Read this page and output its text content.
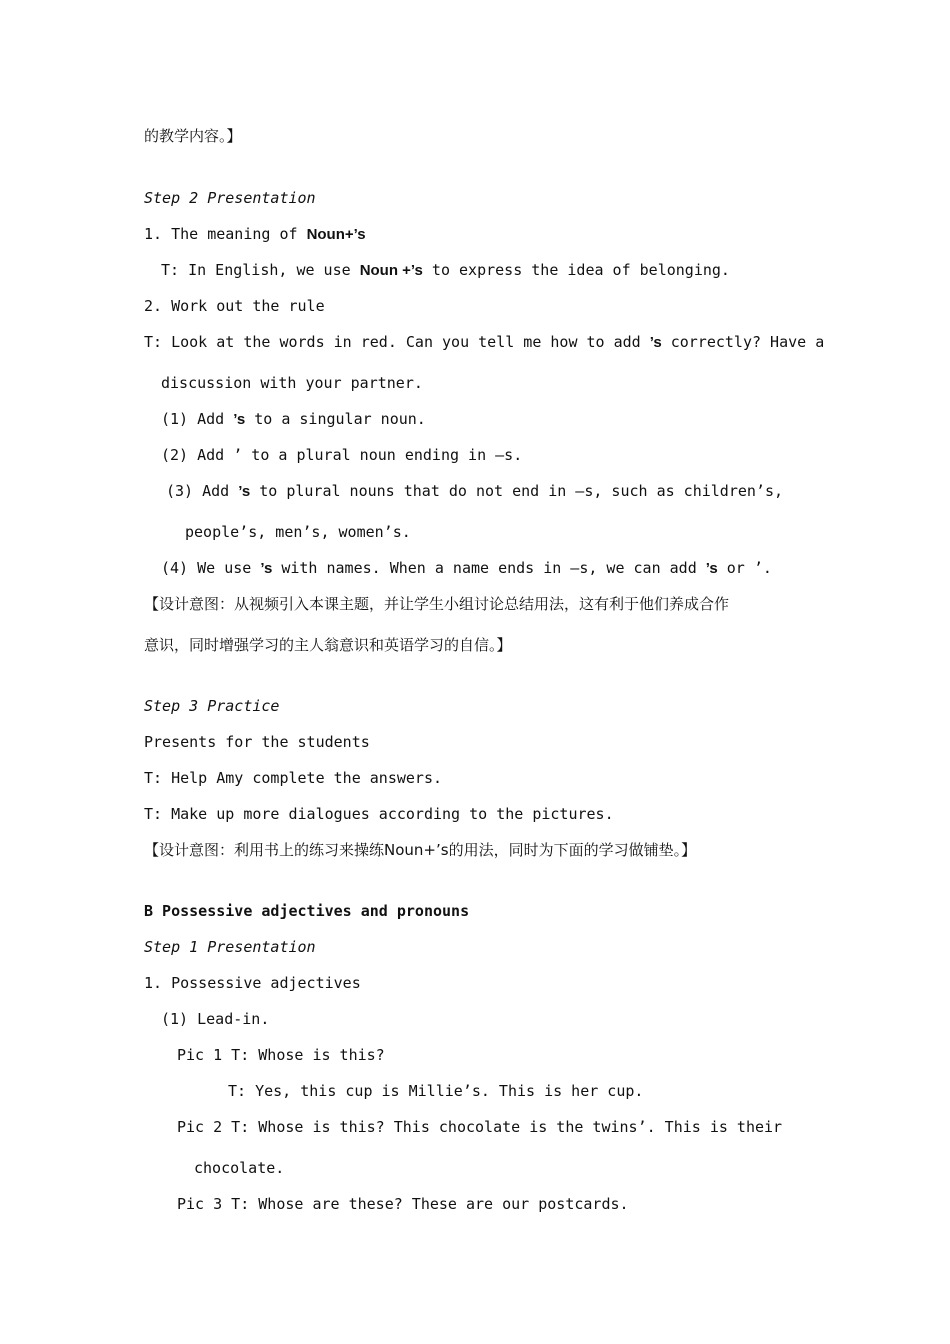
的教学内容。】
Step 2 Presentation
1. The meaning of Noun+’s
T: In English, we use Noun +’s to express the idea of belonging.
2. Work out the rule
T: Look at the words in red. Can you tell me how to add ’s correctly? Have a
discussion with your partner.
(1) Add ’s to a singular noun.
(2) Add ’ to a plural noun ending in –s.
(3) Add ’s to plural nouns that do not end in –s, such as children’s,
people’s, men’s, women’s.
(4) We use ’s with names. When a name ends in –s, we can add ’s or ’.
【设计意图：从视频引入本课主题，并让学生小组讨论总结用法，这有利于他们养成合作
意识，同时增强学习的主人翁意识和英语学习的自信。】
Step 3 Practice
Presents for the students
T: Help Amy complete the answers.
T: Make up more dialogues according to the pictures.
【设计意图：利用书上的练习来操练Noun+’s的用法，同时为下面的学习做铺垫。】
B Possessive adjectives and pronouns
Step 1 Presentation
1. Possessive adjectives
(1) Lead-in.
Pic 1 T: Whose is this?
T: Yes, this cup is Millie’s. This is her cup.
Pic 2 T: Whose is this? This chocolate is the twins’. This is their
chocolate.
Pic 3 T: Whose are these? These are our postcards.
